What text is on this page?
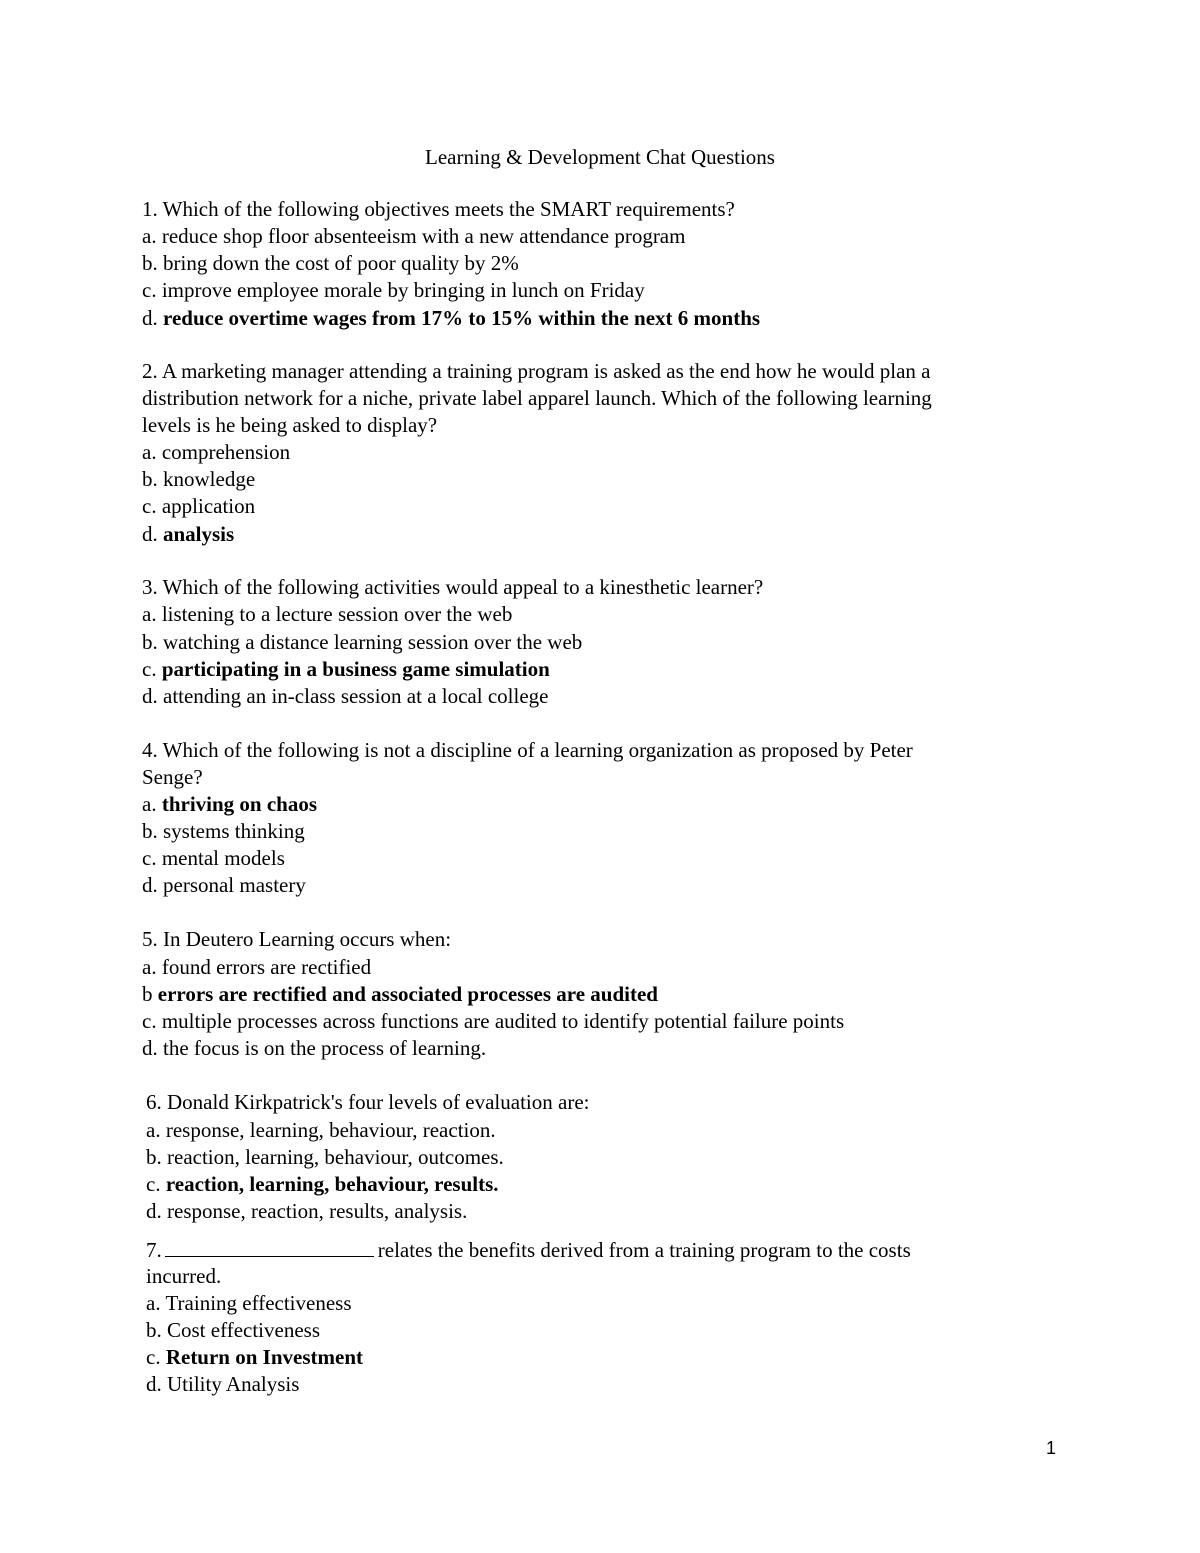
Learning & Development Chat Questions
1. Which of the following objectives meets the SMART requirements?
a. reduce shop floor absenteeism with a new attendance program
b. bring down the cost of poor quality by 2%
c. improve employee morale by bringing in lunch on Friday
d. reduce overtime wages from 17% to 15% within the next 6 months
2. A marketing manager attending a training program is asked as the end how he would plan a
distribution network for a niche, private label apparel launch. Which of the following learning
levels is he being asked to display?
a. comprehension
b. knowledge
c. application
d. analysis
3. Which of the following activities would appeal to a kinesthetic learner?
a. listening to a lecture session over the web
b. watching a distance learning session over the web
c. participating in a business game simulation
d. attending an in-class session at a local college
4. Which of the following is not a discipline of a learning organization as proposed by Peter
Senge?
a. thriving on chaos
b. systems thinking
c. mental models
d. personal mastery
5. In Deutero Learning occurs when:
a. found errors are rectified
b errors are rectified and associated processes are audited
c. multiple processes across functions are audited to identify potential failure points
d. the focus is on the process of learning.
6. Donald Kirkpatrick's four levels of evaluation are:
a. response, learning, behaviour, reaction.
b. reaction, learning, behaviour, outcomes.
c. reaction, learning, behaviour, results.
d. response, reaction, results, analysis.
7.	relates the benefits derived from a training program to the costs
incurred.
a. Training effectiveness
b. Cost effectiveness
c. Return on Investment
d. Utility Analysis
1
